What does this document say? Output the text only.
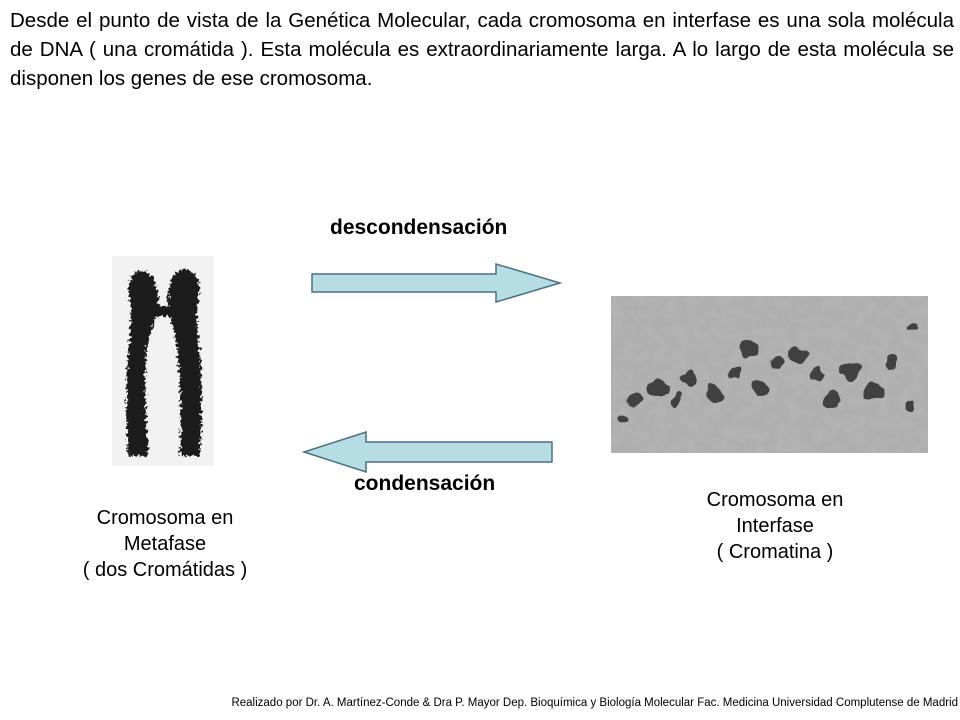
Desde el punto de vista de la Genética Molecular, cada cromosoma en interfase es una sola molécula de DNA ( una cromátida ). Esta molécula es extraordinariamente larga. A lo largo de esta molécula se disponen los genes de ese cromosoma.

descondensación
condensación
Cromosoma en
Metafase
( dos Cromátidas )
Cromosoma en
Interfase
( Cromatina )
Realizado por Dr. A. Martínez-Conde & Dra P. Mayor Dep. Bioquímica y Biología Molecular Fac. Medicina Universidad Complutense de Madrid
